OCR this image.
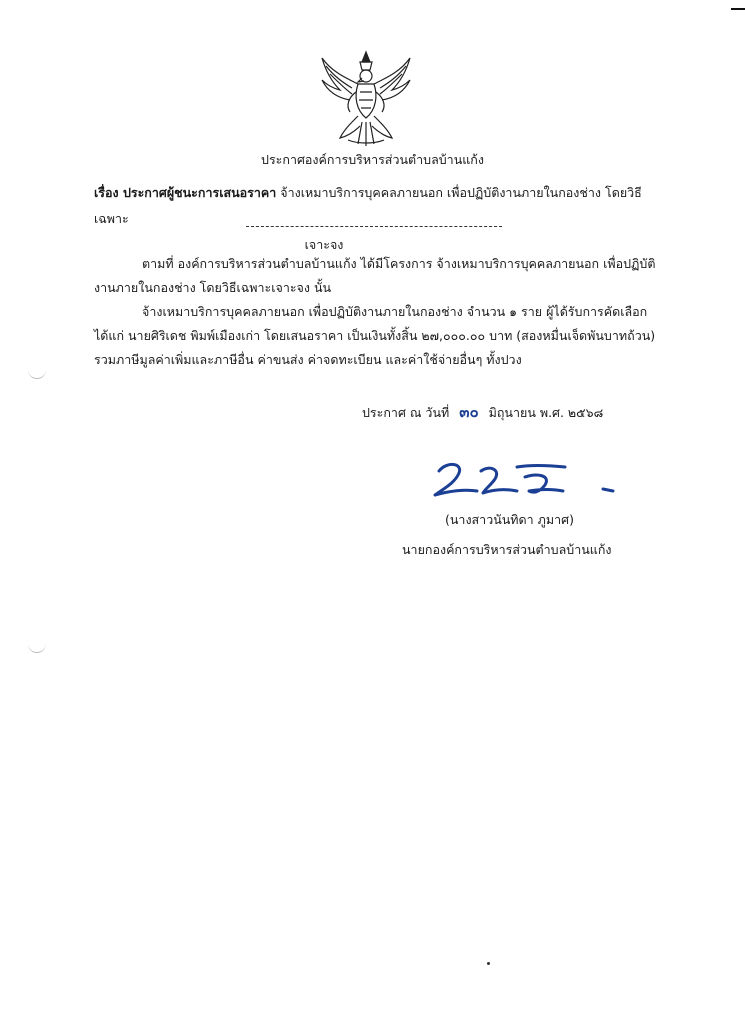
ประกาศองค์การบริหารส่วนตำบลบ้านแก้ง
เรื่อง ประกาศผู้ชนะการเสนอราคา จ้างเหมาบริการบุคคลภายนอก เพื่อปฏิบัติงานภายในกองช่าง โดยวิธีเฉพาะ
เจาะจง
ตามที่ องค์การบริหารส่วนตำบลบ้านแก้ง ได้มีโครงการ จ้างเหมาบริการบุคคลภายนอก เพื่อปฏิบัติงานภายในกองช่าง โดยวิธีเฉพาะเจาะจง นั้น
จ้างเหมาบริการบุคคลภายนอก เพื่อปฏิบัติงานภายในกองช่าง จำนวน ๑ ราย ผู้ได้รับการคัดเลือก ได้แก่ นายศิริเดช พิมพ์เมืองเก่า โดยเสนอราคา เป็นเงินทั้งสิ้น ๒๗,๐๐๐.๐๐ บาท (สองหมื่นเจ็ดพันบาทถ้วน) รวมภาษีมูลค่าเพิ่มและภาษีอื่น ค่าขนส่ง ค่าจดทะเบียน และค่าใช้จ่ายอื่นๆ ทั้งปวง
ประกาศ ณ วันที่ ๓๐ มิถุนายน พ.ศ. ๒๕๖๘
(นางสาวนันทิดา ภูมาศ)
นายกองค์การบริหารส่วนตำบลบ้านแก้ง
